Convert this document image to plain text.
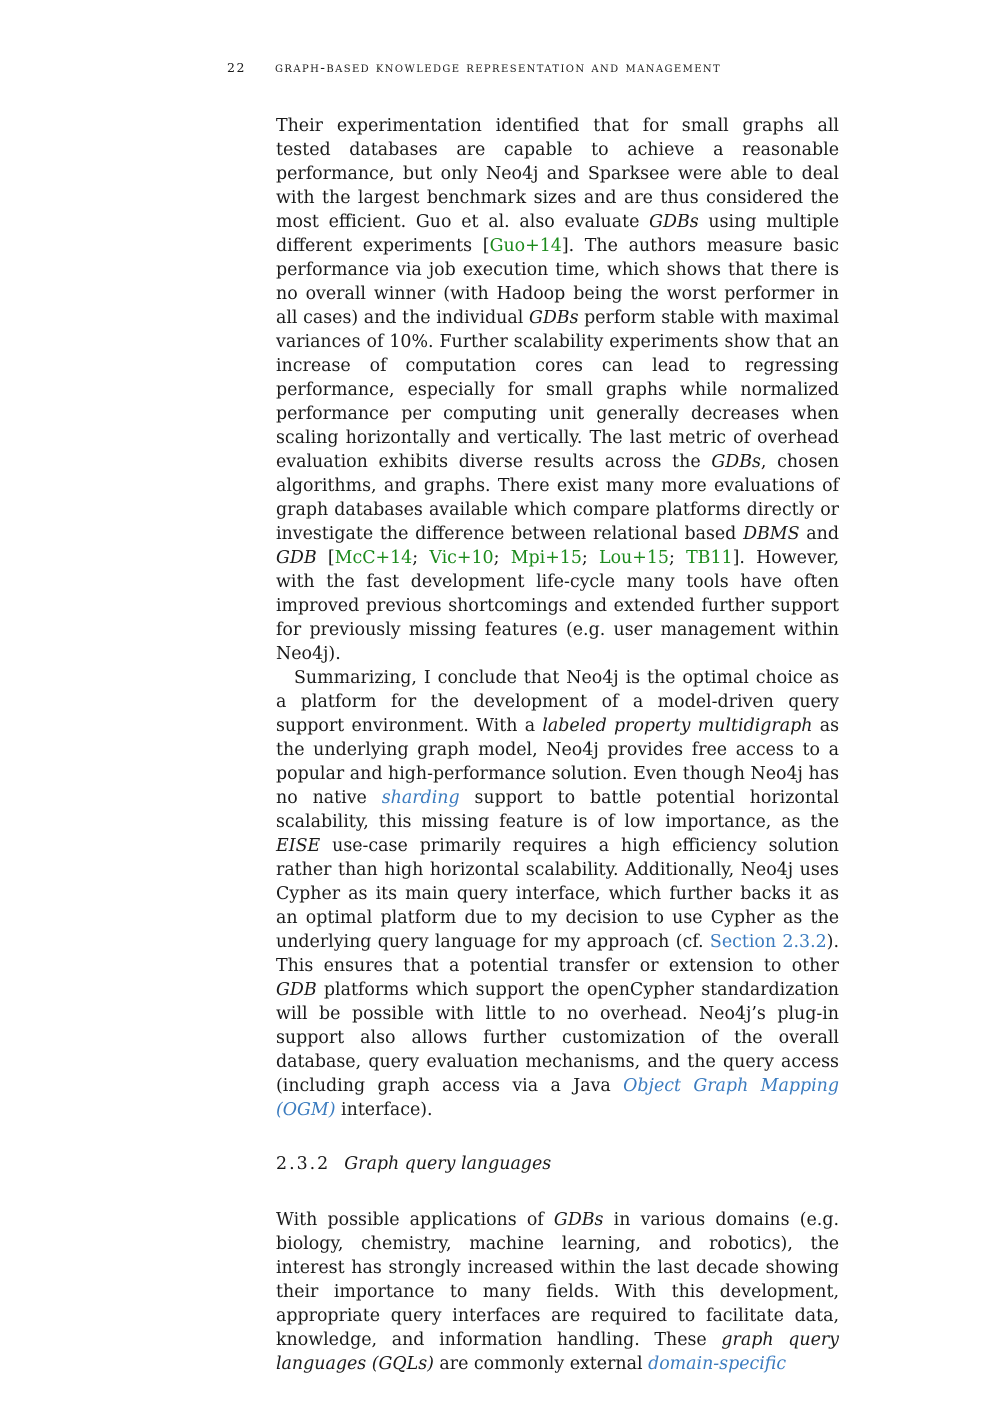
22 graph-based knowledge representation and management

Their experimentation identified that for small graphs all tested databases are capable to achieve a reasonable performance, but only Neo4j and Sparksee were able to deal with the largest benchmark sizes and are thus considered the most efficient. Guo et al. also evaluate GDBs using multiple different experiments [Guo+14]. The authors measure basic performance via job execution time, which shows that there is no overall winner (with Hadoop being the worst performer in all cases) and the individual GDBs perform stable with maximal variances of 10%. Further scalability experiments show that an increase of computation cores can lead to regressing performance, especially for small graphs while normalized performance per computing unit generally decreases when scaling horizontally and vertically. The last metric of overhead evaluation exhibits diverse results across the GDBs, chosen algorithms, and graphs. There exist many more evaluations of graph databases available which compare platforms directly or investigate the difference between relational based DBMS and GDB [McC+14; Vic+10; Mpi+15; Lou+15; TB11]. However, with the fast development life-cycle many tools have often improved previous shortcomings and extended further support for previously missing features (e.g. user management within Neo4j).

Summarizing, I conclude that Neo4j is the optimal choice as a platform for the development of a model-driven query support environment. With a labeled property multidigraph as the underlying graph model, Neo4j provides free access to a popular and high-performance solution. Even though Neo4j has no native sharding support to battle potential horizontal scalability, this missing feature is of low importance, as the EISE use-case primarily requires a high efficiency solution rather than high horizontal scalability. Additionally, Neo4j uses Cypher as its main query interface, which further backs it as an optimal platform due to my decision to use Cypher as the underlying query language for my approach (cf. Section 2.3.2). This ensures that a potential transfer or extension to other GDB platforms which support the openCypher standardization will be possible with little to no overhead. Neo4j’s plug-in support also allows further customization of the overall database, query evaluation mechanisms, and the query access (including graph access via a Java Object Graph Mapping (OGM) interface).

2.3.2 Graph query languages

With possible applications of GDBs in various domains (e.g. biology, chemistry, machine learning, and robotics), the interest has strongly increased within the last decade showing their importance to many fields. With this development, appropriate query interfaces are required to facilitate data, knowledge, and information handling. These graph query languages (GQLs) are commonly external domain-specific
